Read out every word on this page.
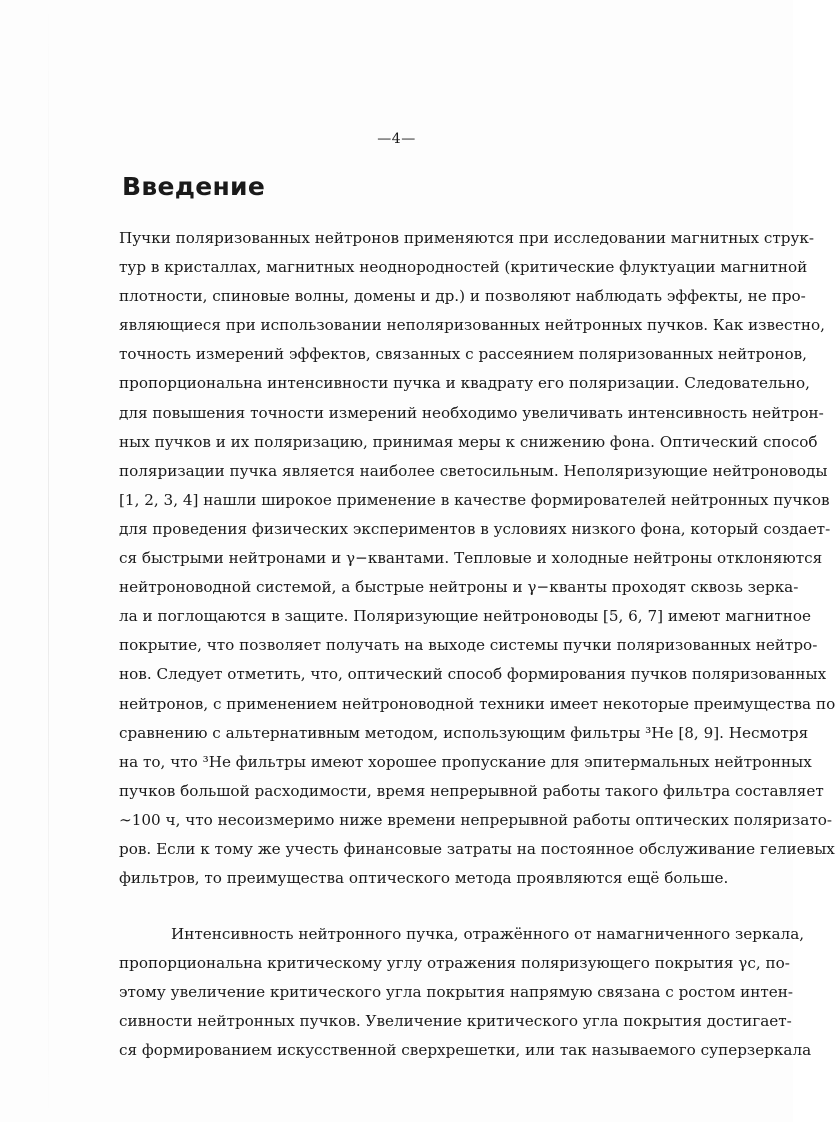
—4—
Введение
Пучки поляризованных нейтронов применяются при исследовании магнитных струк-
тур в кристаллах, магнитных неоднородностей (критические флуктуации магнитной
плотности, спиновые волны, домены и др.) и позволяют наблюдать эффекты, не про-
являющиеся при использовании неполяризованных нейтронных пучков. Как известно,
точность измерений эффектов, связанных с рассеянием поляризованных нейтронов,
пропорциональна интенсивности пучка и квадрату его поляризации. Следовательно,
для повышения точности измерений необходимо увеличивать интенсивность нейтрон-
ных пучков и их поляризацию, принимая меры к снижению фона. Оптический способ
поляризации пучка является наиболее светосильным. Неполяризующие нейтроноводы
[1, 2, 3, 4] нашли широкое применение в качестве формирователей нейтронных пучков
для проведения физических экспериментов в условиях низкого фона, который создает-
ся быстрыми нейтронами и γ−квантами. Тепловые и холодные нейтроны отклоняются
нейтроноводной системой, а быстрые нейтроны и γ−кванты проходят сквозь зерка-
ла и поглощаются в защите. Поляризующие нейтроноводы [5, 6, 7] имеют магнитное
покрытие, что позволяет получать на выходе системы пучки поляризованных нейтро-
нов. Следует отметить, что, оптический способ формирования пучков поляризованных
нейтронов, с применением нейтроноводной техники имеет некоторые преимущества по
сравнению с альтернативным методом, использующим фильтры ³He [8, 9]. Несмотря
на то, что ³He фильтры имеют хорошее пропускание для эпитермальных нейтронных
пучков большой расходимости, время непрерывной работы такого фильтра составляет
∼100 ч, что несоизмеримо ниже времени непрерывной работы оптических поляризато-
ров. Если к тому же учесть финансовые затраты на постоянное обслуживание гелиевых
фильтров, то преимущества оптического метода проявляются ещё больше.
Интенсивность нейтронного пучка, отражённого от намагниченного зеркала,
пропорциональна критическому углу отражения поляризующего покрытия γc, по-
этому увеличение критического угла покрытия напрямую связана с ростом интен-
сивности нейтронных пучков. Увеличение критического угла покрытия достигает-
ся формированием искусственной сверхрешетки, или так называемого суперзеркала
